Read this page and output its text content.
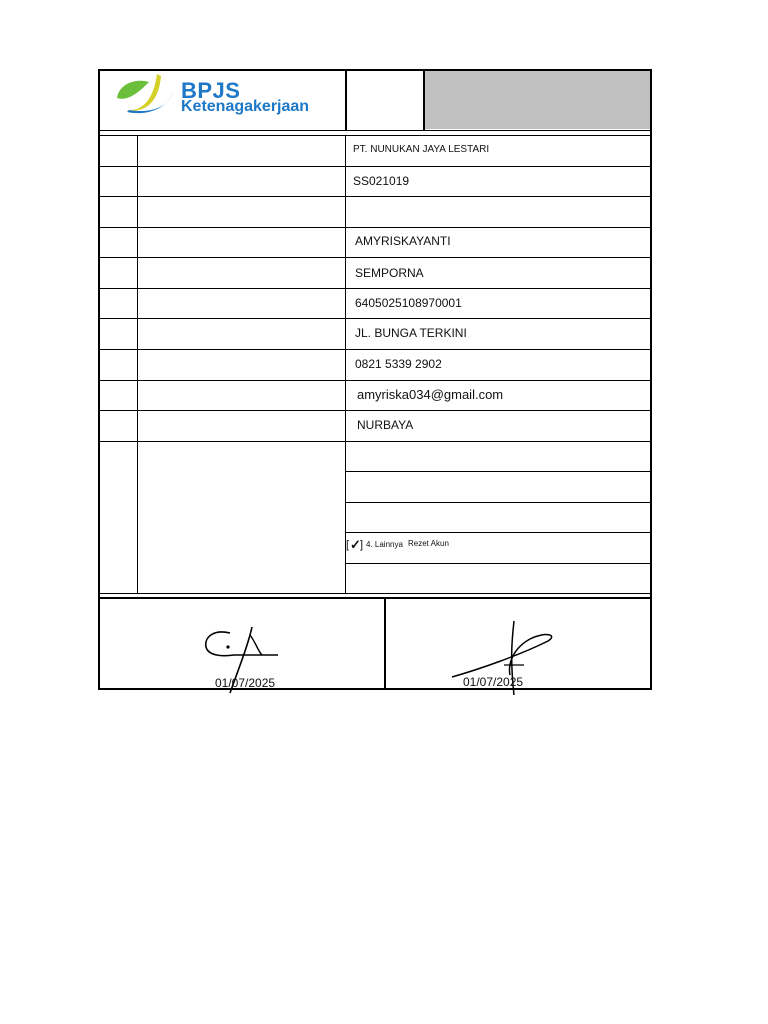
BPJS
Ketenagakerjaan
PT. NUNUKAN JAYA LESTARI
SS021019
AMYRISKAYANTI
SEMPORNA
6405025108970001
JL. BUNGA TERKINI
0821 5339 2902
amyriska034@gmail.com
NURBAYA
[ ✓ ] 4. Lainnya Rezet Akun
01/07/2025	01/07/2025
